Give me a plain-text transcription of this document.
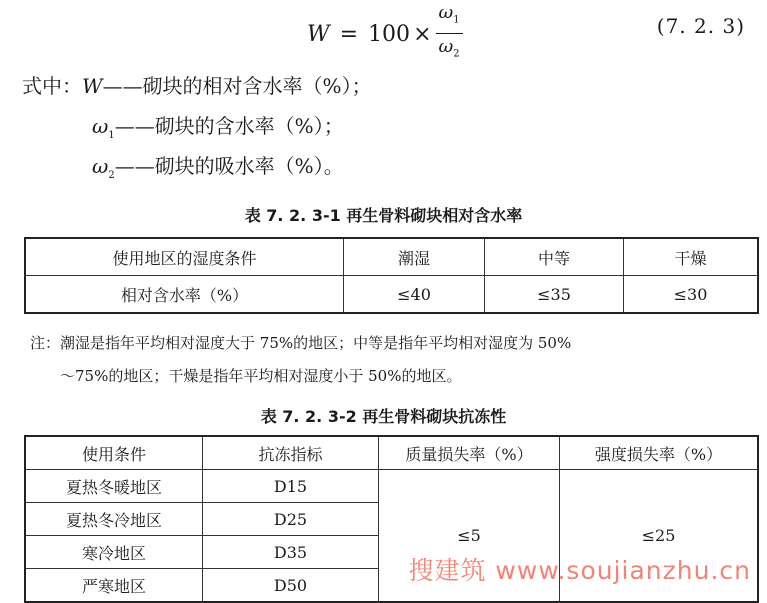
$W = 100 \times \frac{\omega_1}{\omega_2}$	(7. 2. 3)
式中：W——砌块的相对含水率（%）；
$\omega_1——$砌块的含水率（%）；
$\omega_2——$砌块的吸水率（%）。
表 7. 2. 3-1 再生骨料砌块相对含水率
使用地区的湿度条件	潮湿	中等	干燥
相对含水率（%）	≤40	≤35	≤30
注：潮湿是指年平均相对湿度大于 75%的地区；中等是指年平均相对湿度为 50%
～75%的地区；干燥是指年平均相对湿度小于 50%的地区。
表 7. 2. 3-2 再生骨料砌块抗冻性
使用条件	抗冻指标	质量损失率（%）	强度损失率（%）
夏热冬暖地区	D15	≤5	≤25
夏热冬冷地区	D25		
寒冷地区	D35		
严寒地区	D50			搜建筑 www.soujianzhu.cn
